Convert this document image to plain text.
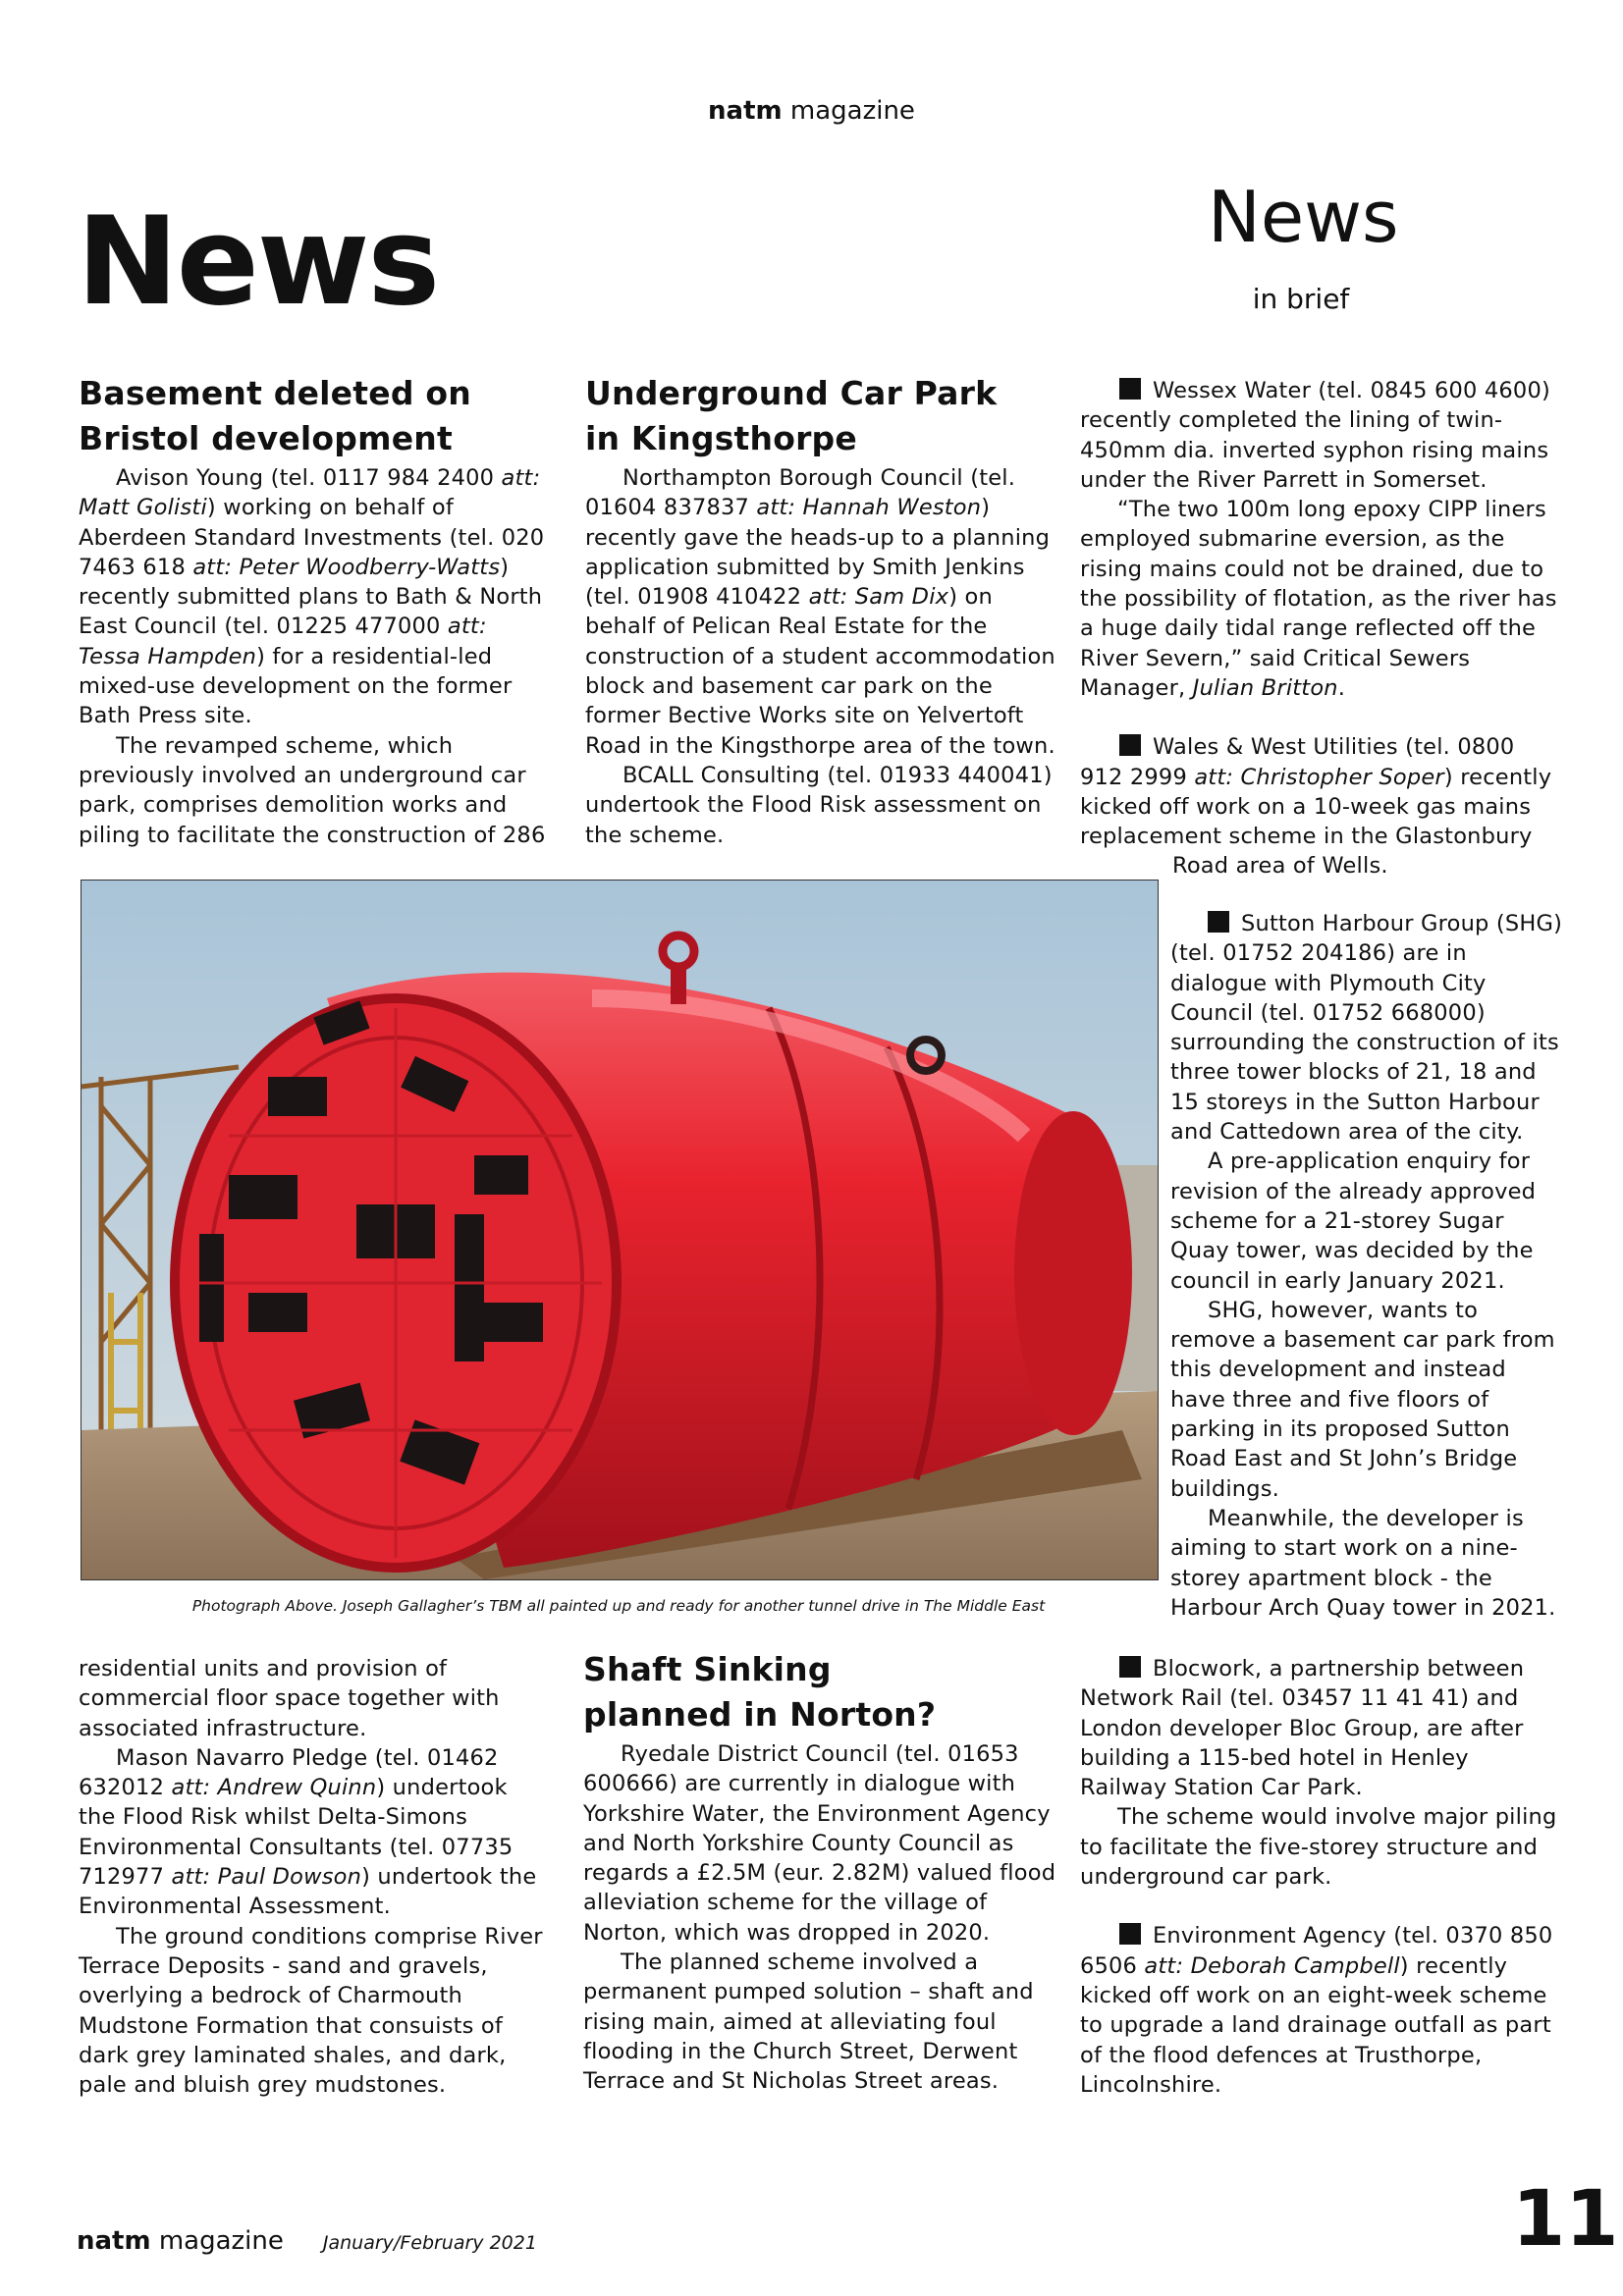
natm magazine
News	News
in brief
Basement deleted on
Bristol development

Avison Young (tel. 0117 984 2400 att: Matt Golisti) working on behalf of Aberdeen Standard Investments (tel. 020 7463 618 att: Peter Woodberry-Watts) recently submitted plans to Bath & North East Council (tel. 01225 477000 att: Tessa Hampden) for a residential-led mixed-use development on the former Bath Press site.

The revamped scheme, which previously involved an underground car park, comprises demolition works and piling to facilitate the construction of 286

Underground Car Park
in Kingsthorpe

Northampton Borough Council (tel. 01604 837837 att: Hannah Weston) recently gave the heads-up to a planning application submitted by Smith Jenkins (tel. 01908 410422 att: Sam Dix) on behalf of Pelican Real Estate for the construction of a student accommodation block and basement car park on the former Bective Works site on Yelvertoft Road in the Kingsthorpe area of the town.

BCALL Consulting (tel. 01933 440041) undertook the Flood Risk assessment on the scheme.

Wessex Water (tel. 0845 600 4600) recently completed the lining of twin-450mm dia. inverted syphon rising mains under the River Parrett in Somerset.

“The two 100m long epoxy CIPP liners employed submarine eversion, as the rising mains could not be drained, due to the possibility of flotation, as the river has a huge daily tidal range reflected off the River Severn,” said Critical Sewers Manager, Julian Britton.

Wales & West Utilities (tel. 0800 912 2999 att: Christopher Soper) recently kicked off work on a 10-week gas mains replacement scheme in the Glastonbury

Road area of Wells.

Photograph Above. Joseph Gallagher’s TBM all painted up and ready for another tunnel drive in The Middle East

Sutton Harbour Group (SHG) (tel. 01752 204186) are in dialogue with Plymouth City Council (tel. 01752 668000) surrounding the construction of its three tower blocks of 21, 18 and 15 storeys in the Sutton Harbour and Cattedown area of the city.

A pre-application enquiry for revision of the already approved scheme for a 21-storey Sugar Quay tower, was decided by the council in early January 2021.

SHG, however, wants to remove a basement car park from this development and instead have three and five floors of parking in its proposed Sutton Road East and St John’s Bridge buildings.

Meanwhile, the developer is aiming to start work on a nine-storey apartment block - the Harbour Arch Quay tower in 2021.

residential units and provision of commercial floor space together with associated infrastructure.

Mason Navarro Pledge (tel. 01462 632012 att: Andrew Quinn) undertook the Flood Risk whilst Delta-Simons Environmental Consultants (tel. 07735 712977 att: Paul Dowson) undertook the Environmental Assessment.

The ground conditions comprise River Terrace Deposits - sand and gravels, overlying a bedrock of Charmouth Mudstone Formation that consuists of dark grey laminated shales, and dark, pale and bluish grey mudstones.

Shaft Sinking
planned in Norton?

Ryedale District Council (tel. 01653 600666) are currently in dialogue with Yorkshire Water, the Environment Agency and North Yorkshire County Council as regards a £2.5M (eur. 2.82M) valued flood alleviation scheme for the village of Norton, which was dropped in 2020.

The planned scheme involved a permanent pumped solution – shaft and rising main, aimed at alleviating foul flooding in the Church Street, Derwent Terrace and St Nicholas Street areas.

Blocwork, a partnership between Network Rail (tel. 03457 11 41 41) and London developer Bloc Group, are after building a 115-bed hotel in Henley Railway Station Car Park.

The scheme would involve major piling to facilitate the five-storey structure and underground car park.

Environment Agency (tel. 0370 850 6506 att: Deborah Campbell) recently kicked off work on an eight-week scheme to upgrade a land drainage outfall as part of the flood defences at Trusthorpe, Lincolnshire.

natm magazine January/February 2021	11
